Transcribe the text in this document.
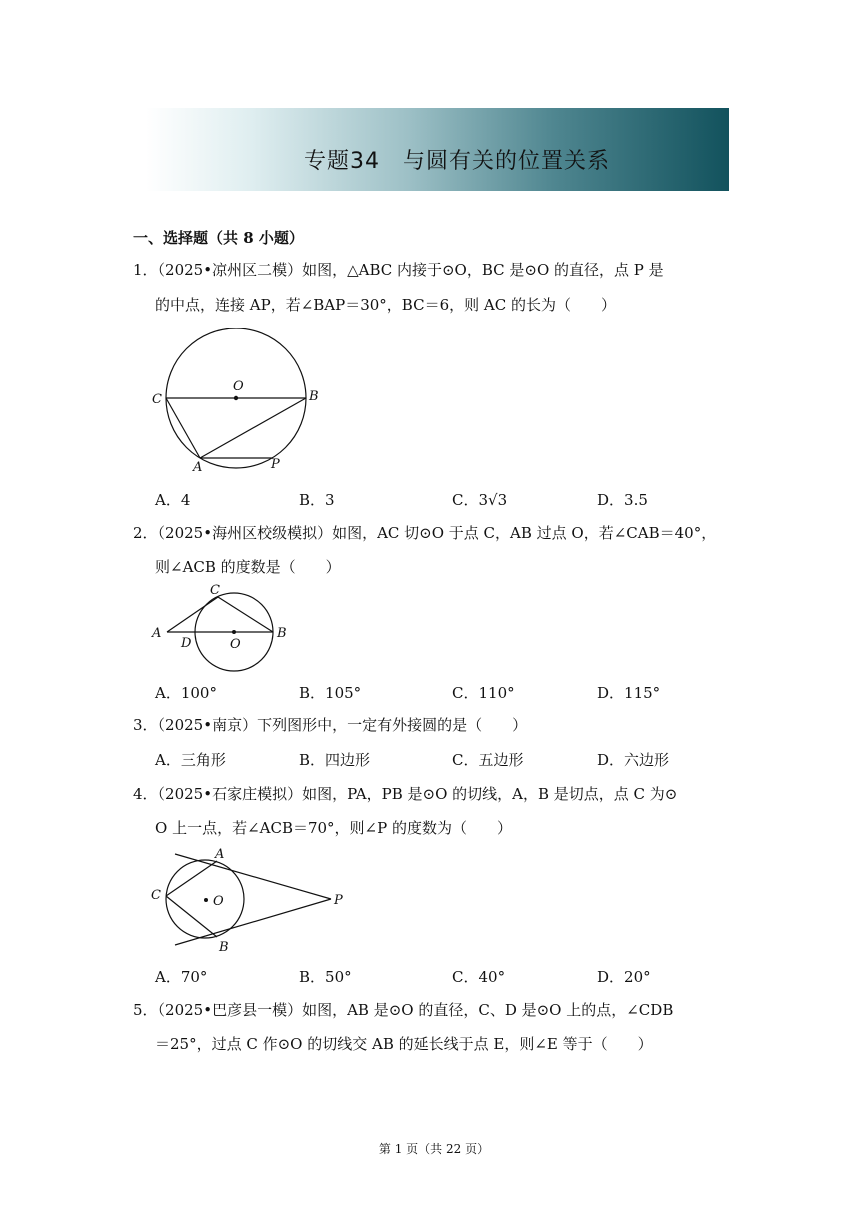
专题34　与圆有关的位置关系
一、选择题（共 8 小题）
1．（2025•凉州区二模）如图，△ABC 内接于⊙O，BC 是⊙O 的直径，点 P 是
的中点，连接 AP，若∠BAP＝30°，BC＝6，则 AC 的长为（　　）
C
O
B
A	P
A．4	B．3	C．3√3	D．3.5
2．（2025•海州区校级模拟）如图，AC 切⊙O 于点 C，AB 过点 O，若∠CAB＝40°，
则∠ACB 的度数是（　　）
C
A
D	O
B
A．100°	B．105°	C．110°	D．115°
3．（2025•南京）下列图形中，一定有外接圆的是（　　）
A．三角形	B．四边形	C．五边形	D．六边形
4．（2025•石家庄模拟）如图，PA，PB 是⊙O 的切线，A，B 是切点，点 C 为⊙
O 上一点，若∠ACB＝70°，则∠P 的度数为（　　）
A
C	O	P
B
A．70°	B．50°	C．40°	D．20°
5．（2025•巴彦县一模）如图，AB 是⊙O 的直径，C、D 是⊙O 上的点，∠CDB
＝25°，过点 C 作⊙O 的切线交 AB 的延长线于点 E，则∠E 等于（　　）
第 1 页（共 22 页）
